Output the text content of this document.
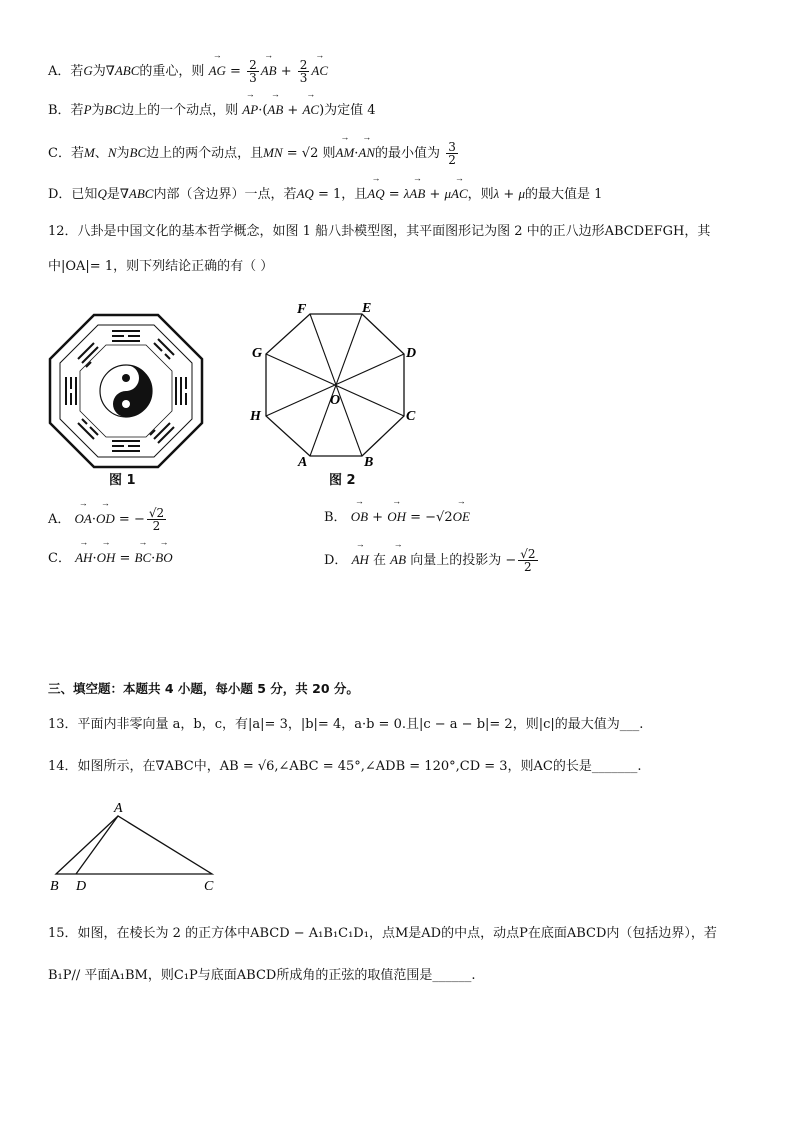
A．若G为∇ABC的重心，则 → AG = $\frac{2}{3}$ → AB + $\frac{2}{3}$ → AC
B．若P为BC边上的一个动点，则 → AP·(→ AB + → AC)为定值 4
C．若M、N为BC边上的两个动点，且MN = √2 则→ AM·→ AN的最小值为 $\frac{3}{2}$
D．已知Q是∇ABC内部（含边界）一点，若AQ = 1，且→ AQ = λ→ AB + μ→ AC，则λ + μ的最大值是 1
12．八卦是中国文化的基本哲学概念，如图 1 船八卦模型图，其平面图形记为图 2 中的正八边形ABCDEFGH，其
中|OA|= 1，则下列结论正确的有（ ）
图 1
F	E
D
C
B
A
H
G
O
图 2
A． → OA·→ OD = − $\frac{√2}{2}$	B． → OB + → OH = −√2→ OE
C． → AH·→ OH = → BC·→ BO	D． → AH 在 → AB 向量上的投影为 − $\frac{√2}{2}$
三、填空题：本题共 4 小题，每小题 5 分，共 20 分。
13．平面内非零向量 a，b，c，有|a|= 3，|b|= 4，a·b = 0.且|c − a − b|= 2，则|c|的最大值为___.
14．如图所示，在∇ABC中，AB = √6,∠ABC = 45°,∠ADB = 120°,CD = 3，则AC的长是_______.
A
B D	C
15．如图，在棱长为 2 的正方体中ABCD − A₁B₁C₁D₁，点M是AD的中点，动点P在底面ABCD内（包括边界），若
B₁P// 平面A₁BM，则C₁P与底面ABCD所成角的正弦的取值范围是______.
